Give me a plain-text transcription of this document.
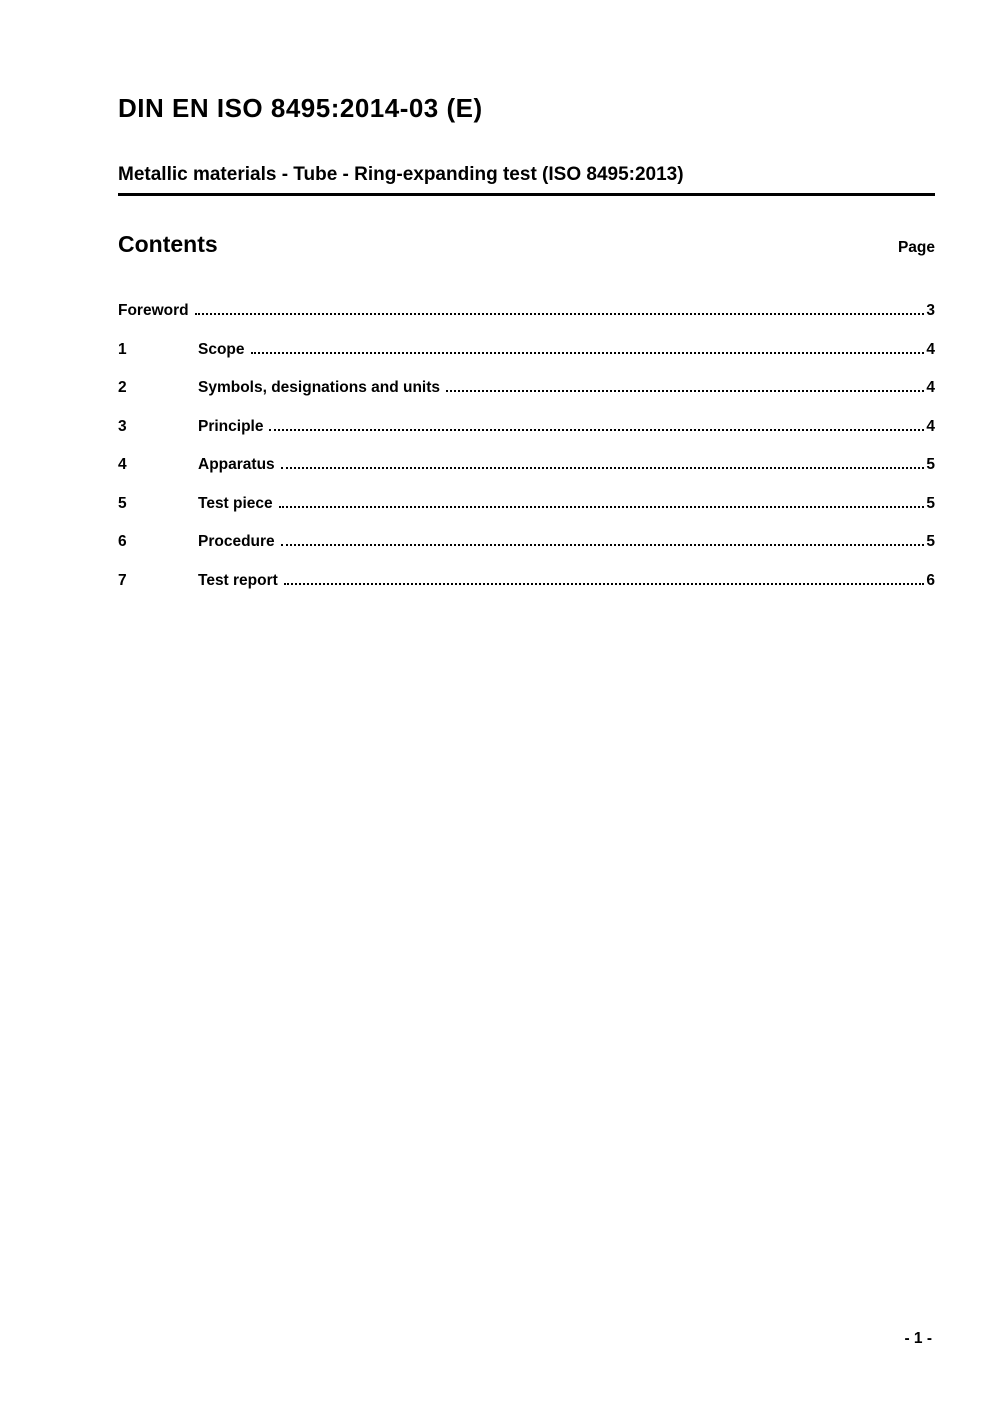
DIN EN ISO 8495:2014-03 (E)
Metallic materials - Tube - Ring-expanding test (ISO 8495:2013)
Contents	Page
Foreword	3
1	Scope	4
2	Symbols, designations and units	4
3	Principle	4
4	Apparatus	5
5	Test piece	5
6	Procedure	5
7	Test report	6
- 1 -
